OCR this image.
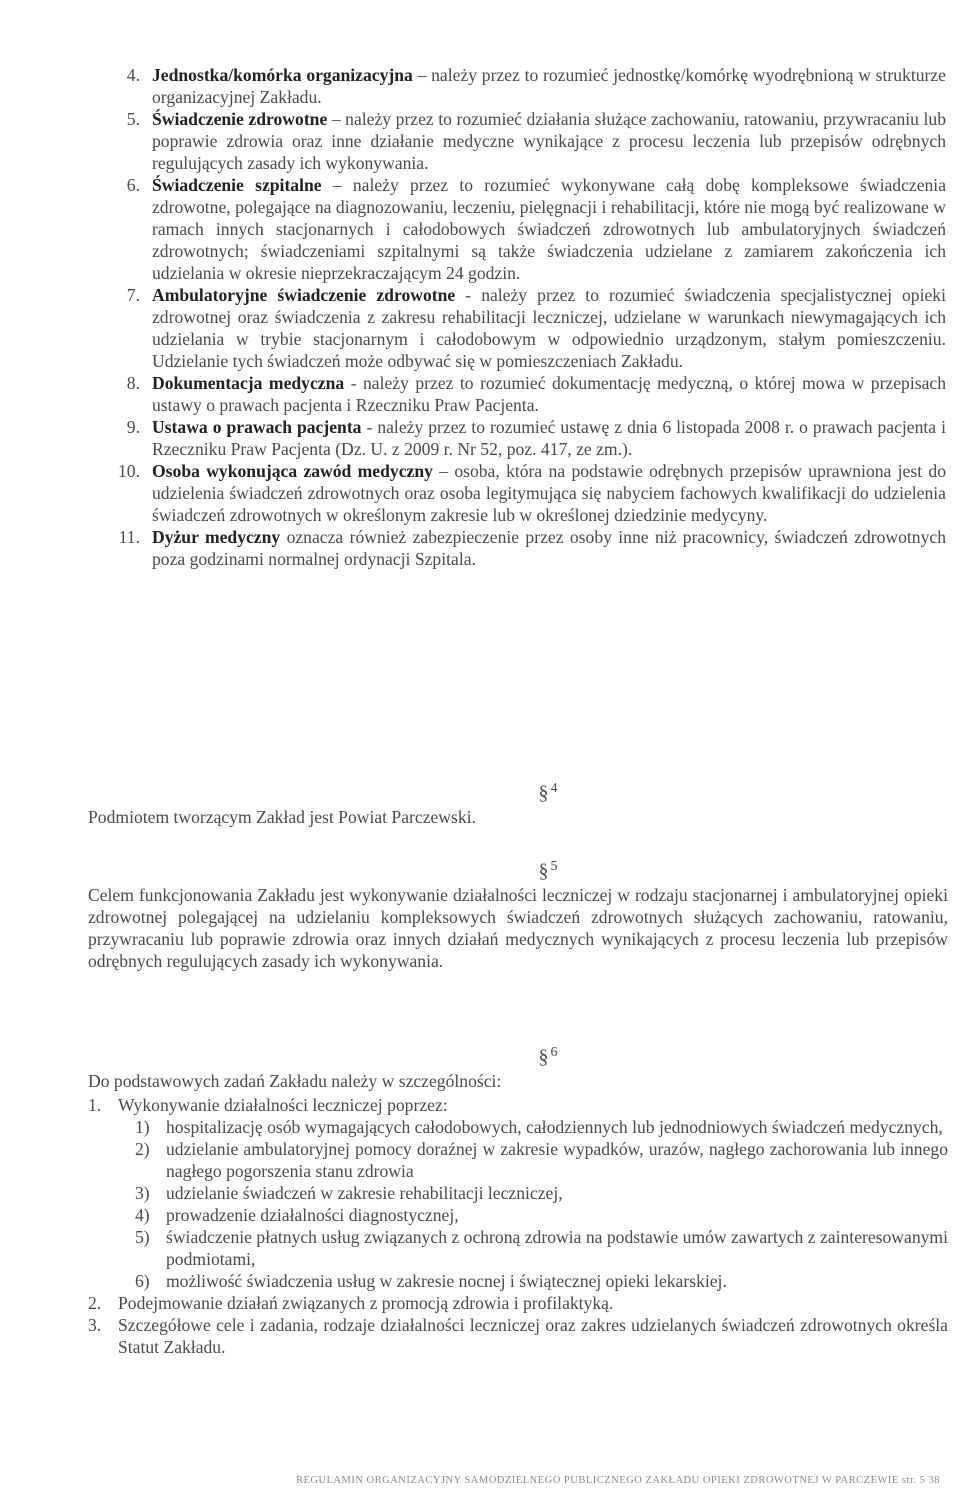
4. Jednostka/komórka organizacyjna – należy przez to rozumieć jednostkę/komórkę wyodrębnioną w strukturze organizacyjnej Zakładu.
5. Świadczenie zdrowotne – należy przez to rozumieć działania służące zachowaniu, ratowaniu, przywracaniu lub poprawie zdrowia oraz inne działanie medyczne wynikające z procesu leczenia lub przepisów odrębnych regulujących zasady ich wykonywania.
6. Świadczenie szpitalne – należy przez to rozumieć wykonywane całą dobę kompleksowe świadczenia zdrowotne, polegające na diagnozowaniu, leczeniu, pielęgnacji i rehabilitacji, które nie mogą być realizowane w ramach innych stacjonarnych i całodobowych świadczeń zdrowotnych lub ambulatoryjnych świadczeń zdrowotnych; świadczeniami szpitalnymi są także świadczenia udzielane z zamiarem zakończenia ich udzielania w okresie nieprzekraczającym 24 godzin.
7. Ambulatoryjne świadczenie zdrowotne - należy przez to rozumieć świadczenia specjalistycznej opieki zdrowotnej oraz świadczenia z zakresu rehabilitacji leczniczej, udzielane w warunkach niewymagających ich udzielania w trybie stacjonarnym i całodobowym w odpowiednio urządzonym, stałym pomieszczeniu. Udzielanie tych świadczeń może odbywać się w pomieszczeniach Zakładu.
8. Dokumentacja medyczna - należy przez to rozumieć dokumentację medyczną, o której mowa w przepisach ustawy o prawach pacjenta i Rzeczniku Praw Pacjenta.
9. Ustawa o prawach pacjenta - należy przez to rozumieć ustawę z dnia 6 listopada 2008 r. o prawach pacjenta i Rzeczniku Praw Pacjenta (Dz. U. z 2009 r. Nr 52, poz. 417, ze zm.).
10. Osoba wykonująca zawód medyczny – osoba, która na podstawie odrębnych przepisów uprawniona jest do udzielenia świadczeń zdrowotnych oraz osoba legitymująca się nabyciem fachowych kwalifikacji do udzielenia świadczeń zdrowotnych w określonym zakresie lub w określonej dziedzinie medycyny.
11. Dyżur medyczny oznacza również zabezpieczenie przez osoby inne niż pracownicy, świadczeń zdrowotnych poza godzinami normalnej ordynacji Szpitala.
§ $^4$
Podmiotem tworzącym Zakład jest Powiat Parczewski.
§ $^5$
Celem funkcjonowania Zakładu jest wykonywanie działalności leczniczej w rodzaju stacjonarnej i ambulatoryjnej opieki zdrowotnej polegającej na udzielaniu kompleksowych świadczeń zdrowotnych służących zachowaniu, ratowaniu, przywracaniu lub poprawie zdrowia oraz innych działań medycznych wynikających z procesu leczenia lub przepisów odrębnych regulujących zasady ich wykonywania.
§ $^6$
Do podstawowych zadań Zakładu należy w szczególności:
1. Wykonywanie działalności leczniczej poprzez:
1) hospitalizację osób wymagających całodobowych, całodziennych lub jednodniowych świadczeń medycznych,
2) udzielanie ambulatoryjnej pomocy doraźnej w zakresie wypadków, urazów, nagłego zachorowania lub innego nagłego pogorszenia stanu zdrowia
3) udzielanie świadczeń w zakresie rehabilitacji leczniczej,
4) prowadzenie działalności diagnostycznej,
5) świadczenie płatnych usług związanych z ochroną zdrowia na podstawie umów zawartych z zainteresowanymi podmiotami,
6) możliwość świadczenia usług w zakresie nocnej i świątecznej opieki lekarskiej.
2. Podejmowanie działań związanych z promocją zdrowia i profilaktyką.
3. Szczegółowe cele i zadania, rodzaje działalności leczniczej oraz zakres udzielanych świadczeń zdrowotnych określa Statut Zakładu.
REGULAMIN ORGANIZACYJNY SAMODZIELNEGO PUBLICZNEGO ZAKŁADU OPIEKI ZDROWOTNEJ W PARCZEWIE str. 5 38
